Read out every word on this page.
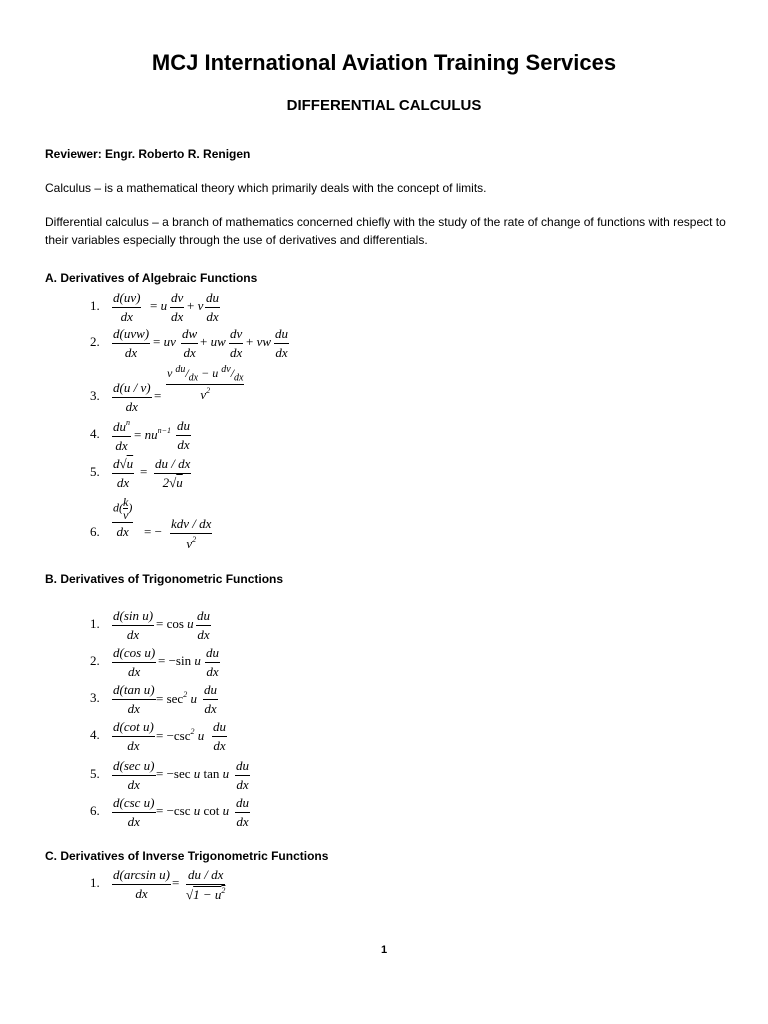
MCJ International Aviation Training Services
DIFFERENTIAL CALCULUS
Reviewer: Engr. Roberto R. Renigen
Calculus – is a mathematical theory which primarily deals with the concept of limits.
Differential calculus – a branch of mathematics concerned chiefly with the study of the rate of change of functions with respect to their variables especially through the use of derivatives and differentials.
A. Derivatives of Algebraic Functions
1. $\frac{d(uv)}{dx} = u \frac{dv}{dx} + v \frac{du}{dx}$
2.
d(uvw)
dx
= uv $\frac{dw}{dx}$ + uw $\frac{dv}{dx}$ + vw $\frac{du}{dx}$
3. $\frac{d(u / v)}{dx} = \frac{v ^{du}/_{dx} - u ^{dv}/_{dx}}{v^2}$
4. $du^n$
dx
= $nu^{n-1} \frac{du}{dx}$
5. $\frac{d√u}{dx} = \frac{du / dx}{2√u}$
6.
$d(\frac{k}{v})$
dx	= −
kdv / dx
$v^2$
B. Derivatives of Trigonometric Functions
1. $\frac{\text{d(sin u)}}{dx} = \cos u \frac{du}{dx}$
2. $\frac{\text{d(cos u)}}{dx} = -\sin$ u $\frac{du}{dx}$
3. $\frac{\text{d(tan u)}}{dx} = \sec^2 u \frac{du}{dx}$
4. $\frac{\text{d(cot u)}}{dx} = -\csc^2$ u $\frac{du}{dx}$
5.
d(sec u)
dx
= −sec u tan u $\frac{du}{dx}$
6.
d(csc u)
dx
= −csc u cot u $\frac{du}{dx}$
C. Derivatives of Inverse Trigonometric Functions
1. $\frac{\text{d(arcsin u)}}{dx} = \frac{du / dx}{√1 - u^2}$
1
